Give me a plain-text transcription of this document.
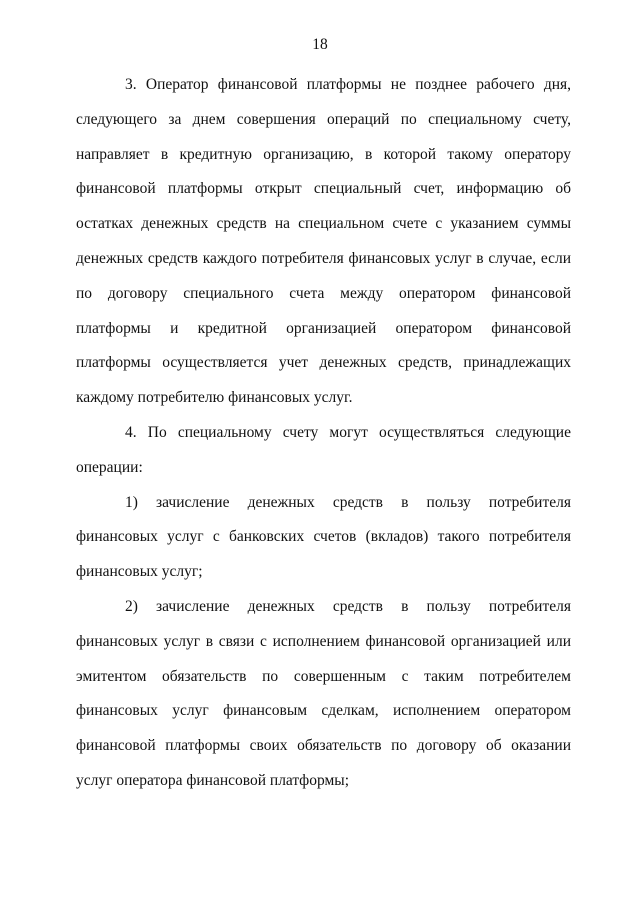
18

3. Оператор финансовой платформы не позднее рабочего дня, следующего за днем совершения операций по специальному счету, направляет в кредитную организацию, в которой такому оператору финансовой платформы открыт специальный счет, информацию об остатках денежных средств на специальном счете с указанием суммы денежных средств каждого потребителя финансовых услуг в случае, если по договору специального счета между оператором финансовой платформы и кредитной организацией оператором финансовой платформы осуществляется учет денежных средств, принадлежащих каждому потребителю финансовых услуг.

4. По специальному счету могут осуществляться следующие операции:

1) зачисление денежных средств в пользу потребителя финансовых услуг с банковских счетов (вкладов) такого потребителя финансовых услуг;

2) зачисление денежных средств в пользу потребителя финансовых услуг в связи с исполнением финансовой организацией или эмитентом обязательств по совершенным с таким потребителем финансовых услуг финансовым сделкам, исполнением оператором финансовой платформы своих обязательств по договору об оказании услуг оператора финансовой платформы;
